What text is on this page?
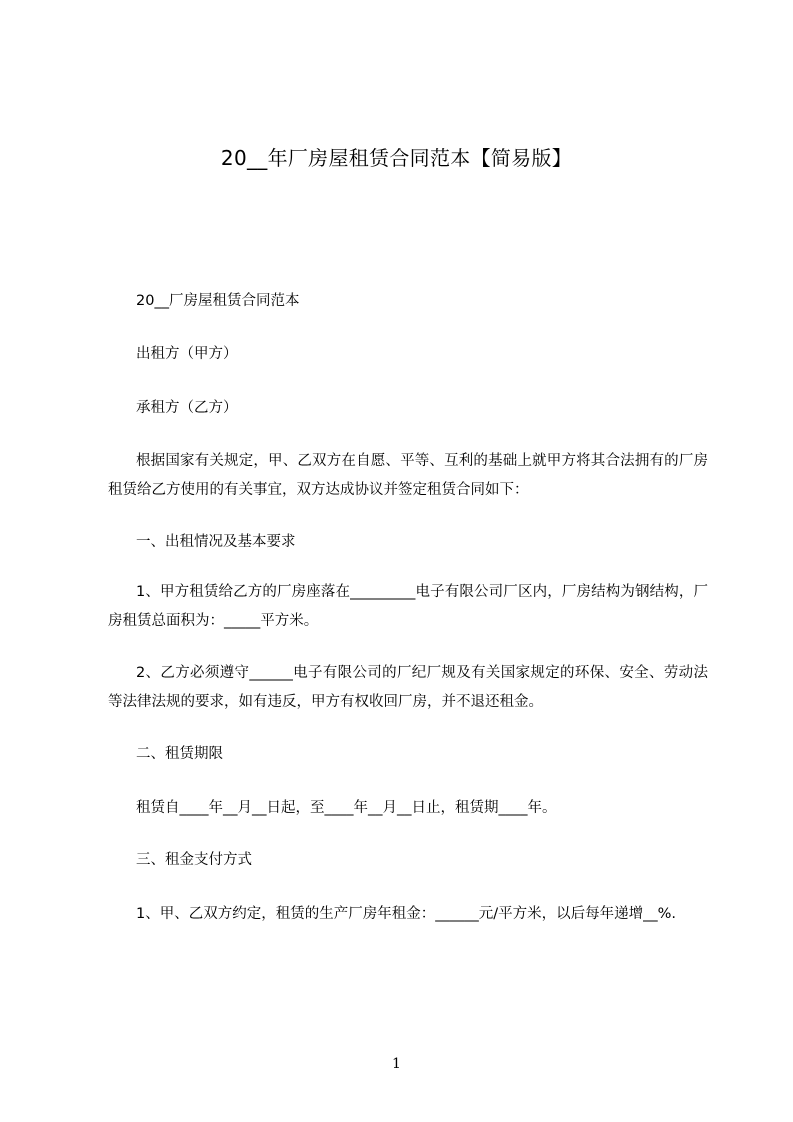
20__年厂房屋租赁合同范本【简易版】
20__厂房屋租赁合同范本
出租方（甲方）
承租方（乙方）
根据国家有关规定，甲、乙双方在自愿、平等、互利的基础上就甲方将其合法拥有的厂房租赁给乙方使用的有关事宜，双方达成协议并签定租赁合同如下：
一、出租情况及基本要求
1、甲方租赁给乙方的厂房座落在_________电子有限公司厂区内，厂房结构为钢结构，厂房租赁总面积为：_____平方米。
2、乙方必须遵守______电子有限公司的厂纪厂规及有关国家规定的环保、安全、劳动法等法律法规的要求，如有违反，甲方有权收回厂房，并不退还租金。
二、租赁期限
租赁自____年__月__日起，至____年__月__日止，租赁期____年。
三、租金支付方式
1、甲、乙双方约定，租赁的生产厂房年租金：______元/平方米，以后每年递增__%.
1
